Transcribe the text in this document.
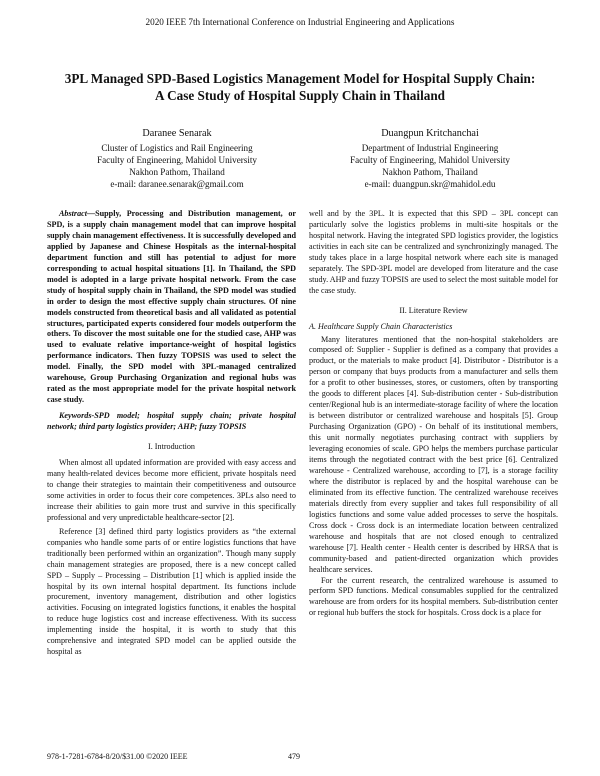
2020 IEEE 7th International Conference on Industrial Engineering and Applications
3PL Managed SPD-Based Logistics Management Model for Hospital Supply Chain:
A Case Study of Hospital Supply Chain in Thailand
Daranee Senarak
Cluster of Logistics and Rail Engineering
Faculty of Engineering, Mahidol University
Nakhon Pathom, Thailand
e-mail: daranee.senarak@gmail.com
Duangpun Kritchanchai
Department of Industrial Engineering
Faculty of Engineering, Mahidol University
Nakhon Pathom, Thailand
e-mail: duangpun.skr@mahidol.edu

Abstract—Supply, Processing and Distribution management, or SPD, is a supply chain management model that can improve hospital supply chain management effectiveness. It is successfully developed and applied by Japanese and Chinese Hospitals as the internal-hospital department function and still has potential to adjust for more corresponding to actual hospital situations [1]. In Thailand, the SPD model is adopted in a large private hospital network. From the case study of hospital supply chain in Thailand, the SPD model was studied in order to design the most effective supply chain structures. Of nine models constructed from theoretical basis and all validated as potential structures, participated experts considered four models outperform the others. To discover the most suitable one for the studied case, AHP was used to evaluate relative importance-weight of hospital logistics performance indicators. Then fuzzy TOPSIS was used to select the model. Finally, the SPD model with 3PL-managed centralized warehouse, Group Purchasing Organization and regional hubs was rated as the most appropriate model for the private hospital network case study.

Keywords-SPD model; hospital supply chain; private hospital network; third party logistics provider; AHP; fuzzy TOPSIS

I. Introduction

When almost all updated information are provided with easy access and many health-related devices become more efficient, private hospitals need to change their strategies to maintain their competitiveness and outsource some activities in order to focus their core competences. 3PLs also need to increase their abilities to gain more trust and survive in this specifically professional and very unpredictable healthcare-sector [2].

Reference [3] defined third party logistics providers as “the external companies who handle some parts of or entire logistics functions that have traditionally been performed within an organization”. Though many supply chain management strategies are proposed, there is a new concept called SPD – Supply – Processing – Distribution [1] which is applied inside the hospital by its own internal hospital department. Its functions include procurement, inventory management, distribution and other logistics activities. Focusing on integrated logistics functions, it enables the hospital to reduce huge logistics cost and increase effectiveness. With its success implementing inside the hospital, it is worth to study that this comprehensive and integrated SPD model can be applied outside the hospital as

well and by the 3PL. It is expected that this SPD – 3PL concept can particularly solve the logistics problems in multi-site hospitals or the hospital network. Having the integrated SPD logistics provider, the logistics activities in each site can be centralized and synchronizingly managed. The study takes place in a large hospital network where each site is managed separately. The SPD-3PL model are developed from literature and the case study. AHP and fuzzy TOPSIS are used to select the most suitable model for the case study.

II. Literature Review
A. Healthcare Supply Chain Characteristics

Many literatures mentioned that the non-hospital stakeholders are composed of: Supplier - Supplier is defined as a company that provides a product, or the materials to make product [4]. Distributor - Distributor is a person or company that buys products from a manufacturer and sells them for a profit to other businesses, stores, or customers, often by transporting the goods to different places [4]. Sub-distribution center - Sub-distribution center/Regional hub is an intermediate-storage facility of where the location is between distributor or centralized warehouse and hospitals [5]. Group Purchasing Organization (GPO) - On behalf of its institutional members, this unit normally negotiates purchasing contract with suppliers by leveraging economies of scale. GPO helps the members purchase particular items through the negotiated contract with the best price [6]. Centralized warehouse - Centralized warehouse, according to [7], is a storage facility where the distributor is replaced by and the hospital warehouse can be eliminated from its effective function. The centralized warehouse receives materials directly from every supplier and takes full responsibility of all logistics functions and some value added processes to serve the hospitals. Cross dock - Cross dock is an intermediate location between centralized warehouse and hospitals that are not closed enough to centralized warehouse [7]. Health center - Health center is described by HRSA that is community-based and patient-directed organization which provides healthcare services.

For the current research, the centralized warehouse is assumed to perform SPD functions. Medical consumables supplied for the centralized warehouse are from orders for its hospital members. Sub-distribution center or regional hub buffers the stock for hospitals. Cross dock is a place for

978-1-7281-6784-8/20/$31.00 ©2020 IEEE	479
